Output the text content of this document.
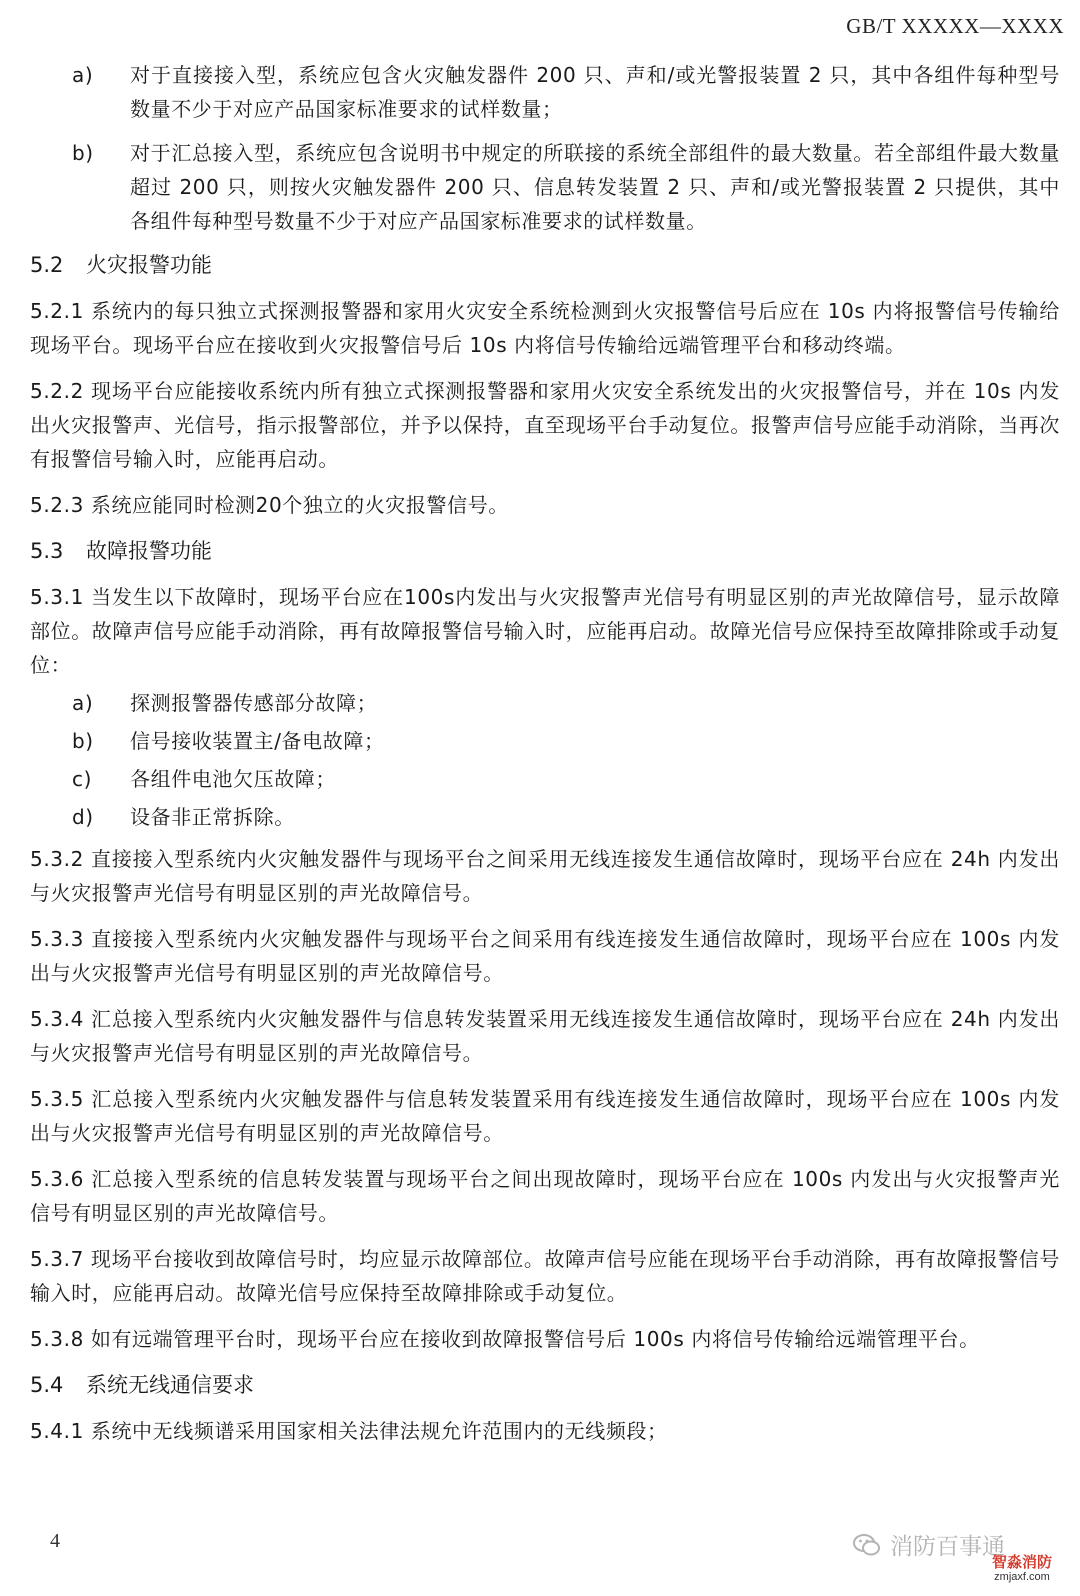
GB/T XXXXX—XXXX
a)	对于直接接入型，系统应包含火灾触发器件 200 只、声和/或光警报装置 2 只，其中各组件每种型号数量不少于对应产品国家标准要求的试样数量；
b)	对于汇总接入型，系统应包含说明书中规定的所联接的系统全部组件的最大数量。若全部组件最大数量超过 200 只，则按火灾触发器件 200 只、信息转发装置 2 只、声和/或光警报装置 2 只提供，其中各组件每种型号数量不少于对应产品国家标准要求的试样数量。
5.2 火灾报警功能

5.2.1 系统内的每只独立式探测报警器和家用火灾安全系统检测到火灾报警信号后应在 10s 内将报警信号传输给现场平台。现场平台应在接收到火灾报警信号后 10s 内将信号传输给远端管理平台和移动终端。

5.2.2 现场平台应能接收系统内所有独立式探测报警器和家用火灾安全系统发出的火灾报警信号，并在 10s 内发出火灾报警声、光信号，指示报警部位，并予以保持，直至现场平台手动复位。报警声信号应能手动消除，当再次有报警信号输入时，应能再启动。

5.2.3 系统应能同时检测20个独立的火灾报警信号。

5.3 故障报警功能

5.3.1 当发生以下故障时，现场平台应在100s内发出与火灾报警声光信号有明显区别的声光故障信号，显示故障部位。故障声信号应能手动消除，再有故障报警信号输入时，应能再启动。故障光信号应保持至故障排除或手动复位：

a)	探测报警器传感部分故障；
b)	信号接收装置主/备电故障；
c)	各组件电池欠压故障；
d)	设备非正常拆除。

5.3.2 直接接入型系统内火灾触发器件与现场平台之间采用无线连接发生通信故障时，现场平台应在 24h 内发出与火灾报警声光信号有明显区别的声光故障信号。

5.3.3 直接接入型系统内火灾触发器件与现场平台之间采用有线连接发生通信故障时，现场平台应在 100s 内发出与火灾报警声光信号有明显区别的声光故障信号。

5.3.4 汇总接入型系统内火灾触发器件与信息转发装置采用无线连接发生通信故障时，现场平台应在 24h 内发出与火灾报警声光信号有明显区别的声光故障信号。

5.3.5 汇总接入型系统内火灾触发器件与信息转发装置采用有线连接发生通信故障时，现场平台应在 100s 内发出与火灾报警声光信号有明显区别的声光故障信号。

5.3.6 汇总接入型系统的信息转发装置与现场平台之间出现故障时，现场平台应在 100s 内发出与火灾报警声光信号有明显区别的声光故障信号。

5.3.7 现场平台接收到故障信号时，均应显示故障部位。故障声信号应能在现场平台手动消除，再有故障报警信号输入时，应能再启动。故障光信号应保持至故障排除或手动复位。

5.3.8 如有远端管理平台时，现场平台应在接收到故障报警信号后 100s 内将信号传输给远端管理平台。

5.4 系统无线通信要求

5.4.1 系统中无线频谱采用国家相关法律法规允许范围内的无线频段；

4	消防百事通
智淼消防
zmjaxf.com
